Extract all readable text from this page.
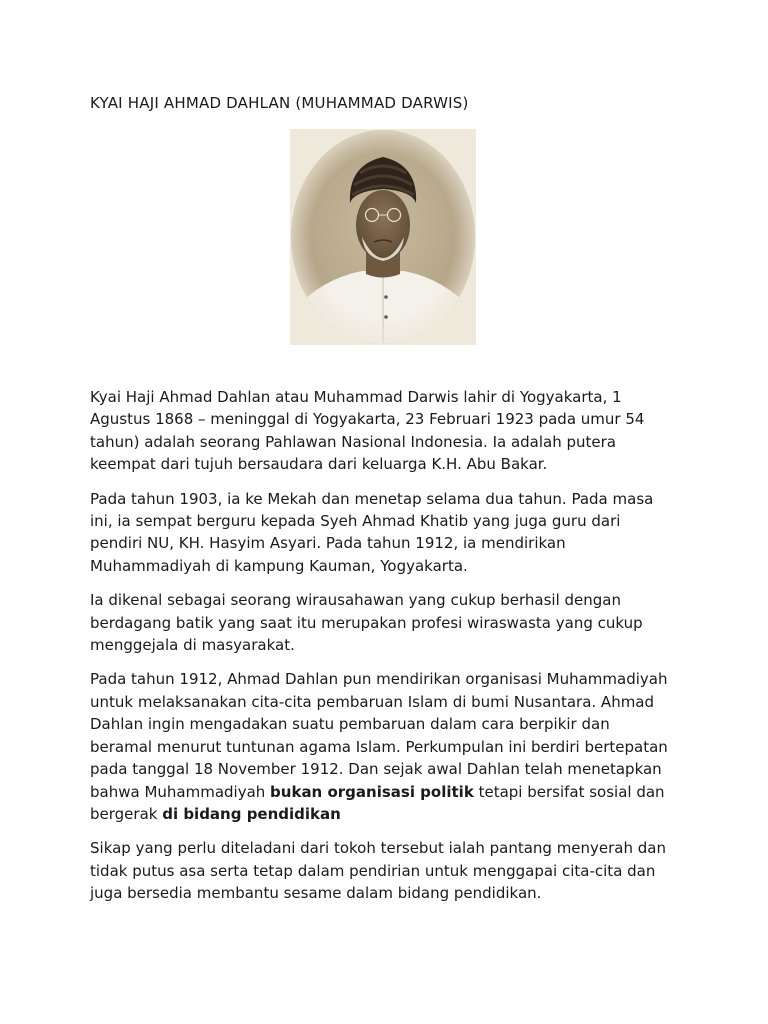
KYAI HAJI AHMAD DAHLAN (MUHAMMAD DARWIS)

Kyai Haji Ahmad Dahlan atau Muhammad Darwis lahir di Yogyakarta, 1
Agustus 1868 – meninggal di Yogyakarta, 23 Februari 1923 pada umur 54
tahun) adalah seorang Pahlawan Nasional Indonesia. Ia adalah putera
keempat dari tujuh bersaudara dari keluarga K.H. Abu Bakar.

Pada tahun 1903, ia ke Mekah dan menetap selama dua tahun. Pada masa
ini, ia sempat berguru kepada Syeh Ahmad Khatib yang juga guru dari
pendiri NU, KH. Hasyim Asyari. Pada tahun 1912, ia mendirikan
Muhammadiyah di kampung Kauman, Yogyakarta.

Ia dikenal sebagai seorang wirausahawan yang cukup berhasil dengan
berdagang batik yang saat itu merupakan profesi wiraswasta yang cukup
menggejala di masyarakat.

Pada tahun 1912, Ahmad Dahlan pun mendirikan organisasi Muhammadiyah
untuk melaksanakan cita-cita pembaruan Islam di bumi Nusantara. Ahmad
Dahlan ingin mengadakan suatu pembaruan dalam cara berpikir dan
beramal menurut tuntunan agama Islam. Perkumpulan ini berdiri bertepatan
pada tanggal 18 November 1912. Dan sejak awal Dahlan telah menetapkan
bahwa Muhammadiyah bukan organisasi politik tetapi bersifat sosial dan
bergerak di bidang pendidikan

Sikap yang perlu diteladani dari tokoh tersebut ialah pantang menyerah dan
tidak putus asa serta tetap dalam pendirian untuk menggapai cita-cita dan
juga bersedia membantu sesame dalam bidang pendidikan.
